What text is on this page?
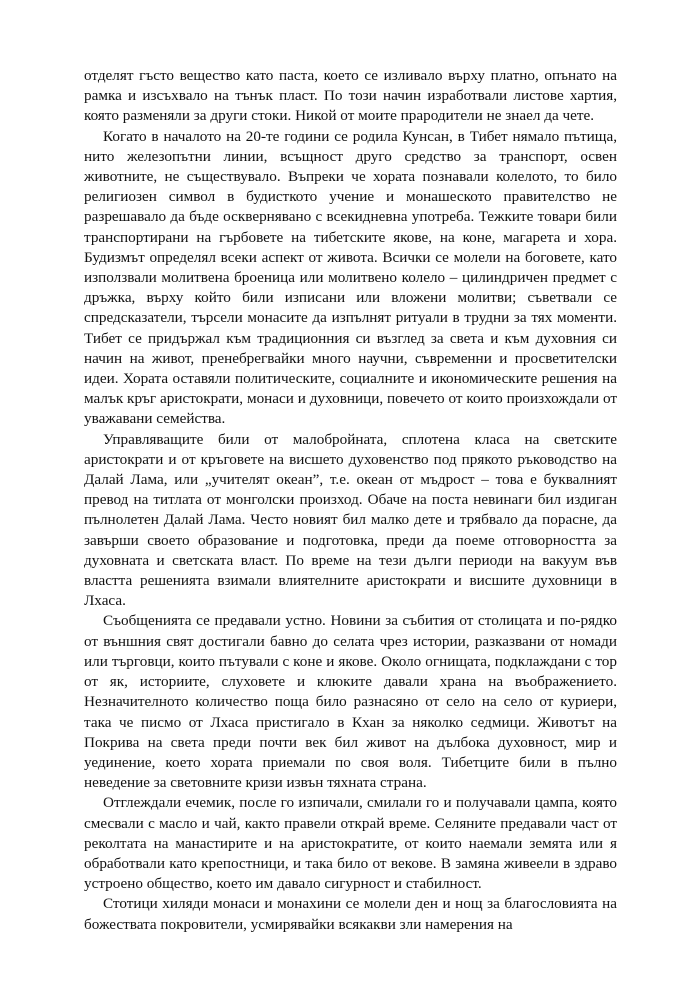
отделят гъсто вещество като паста, което се изливало върху платно, опънато на рамка и изсъхвало на тънък пласт. По този начин изработвали листове хартия, която разменяли за други стоки. Никой от моите прародители не знаел да чете.

Когато в началото на 20-те години се родила Кунсан, в Тибет нямало пътища, нито железопътни линии, всъщност друго средство за транспорт, освен животните, не съществувало. Въпреки че хората познавали колелото, то било религиозен символ в будисткото учение и монашеското правителство не разрешавало да бъде осквернявано с всекидневна употреба. Тежките товари били транспортирани на гърбовете на тибетските якове, на коне, магарета и хора. Будизмът определял всеки аспект от живота. Всички се молели на боговете, като използвали молитвена броеница или молитвено колело – цилиндричен предмет с дръжка, върху който били изписани или вложени молитви; съветвали се спредсказатели, търсели монасите да изпълнят ритуали в трудни за тях моменти. Тибет се придържал към традиционния си възглед за света и към духовния си начин на живот, пренебрегвайки много научни, съвременни и просветителски идеи. Хората оставяли политическите, социалните и икономическите решения на малък кръг аристократи, монаси и духовници, повечето от които произхождали от уважавани семейства.

Управляващите били от малобройната, сплотена класа на светските аристократи и от кръговете на висшето духовенство под прякото ръководство на Далай Лама, или „учителят океан”, т.е. океан от мъдрост – това е буквалният превод на титлата от монголски произход. Обаче на поста невинаги бил издиган пълнолетен Далай Лама. Често новият бил малко дете и трябвало да порасне, да завърши своето образование и подготовка, преди да поеме отговорността за духовната и светската власт. По време на тези дълги периоди на вакуум във властта решенията взимали влиятелните аристократи и висшите духовници в Лхаса.

Съобщенията се предавали устно. Новини за събития от столицата и по-рядко от външния свят достигали бавно до селата чрез истории, разказвани от номади или търговци, които пътували с коне и якове. Около огнищата, подклаждани с тор от як, историите, слуховете и клюките давали храна на въображението. Незначителното количество поща било разнасяно от село на село от куриери, така че писмо от Лхаса пристигало в Кхан за няколко седмици. Животът на Покрива на света преди почти век бил живот на дълбока духовност, мир и уединение, което хората приемали по своя воля. Тибетците били в пълно неведение за световните кризи извън тяхната страна.

Отглеждали ечемик, после го изпичали, смилали го и получавали цампа, която смесвали с масло и чай, както правели открай време. Селяните предавали част от реколтата на манастирите и на аристократите, от които наемали земята или я обработвали като крепостници, и така било от векове. В замяна живеели в здраво устроено общество, което им давало сигурност и стабилност.

Стотици хиляди монаси и монахини се молели ден и нощ за благословията на божествата покровители, усмирявайки всякакви зли намерения на
